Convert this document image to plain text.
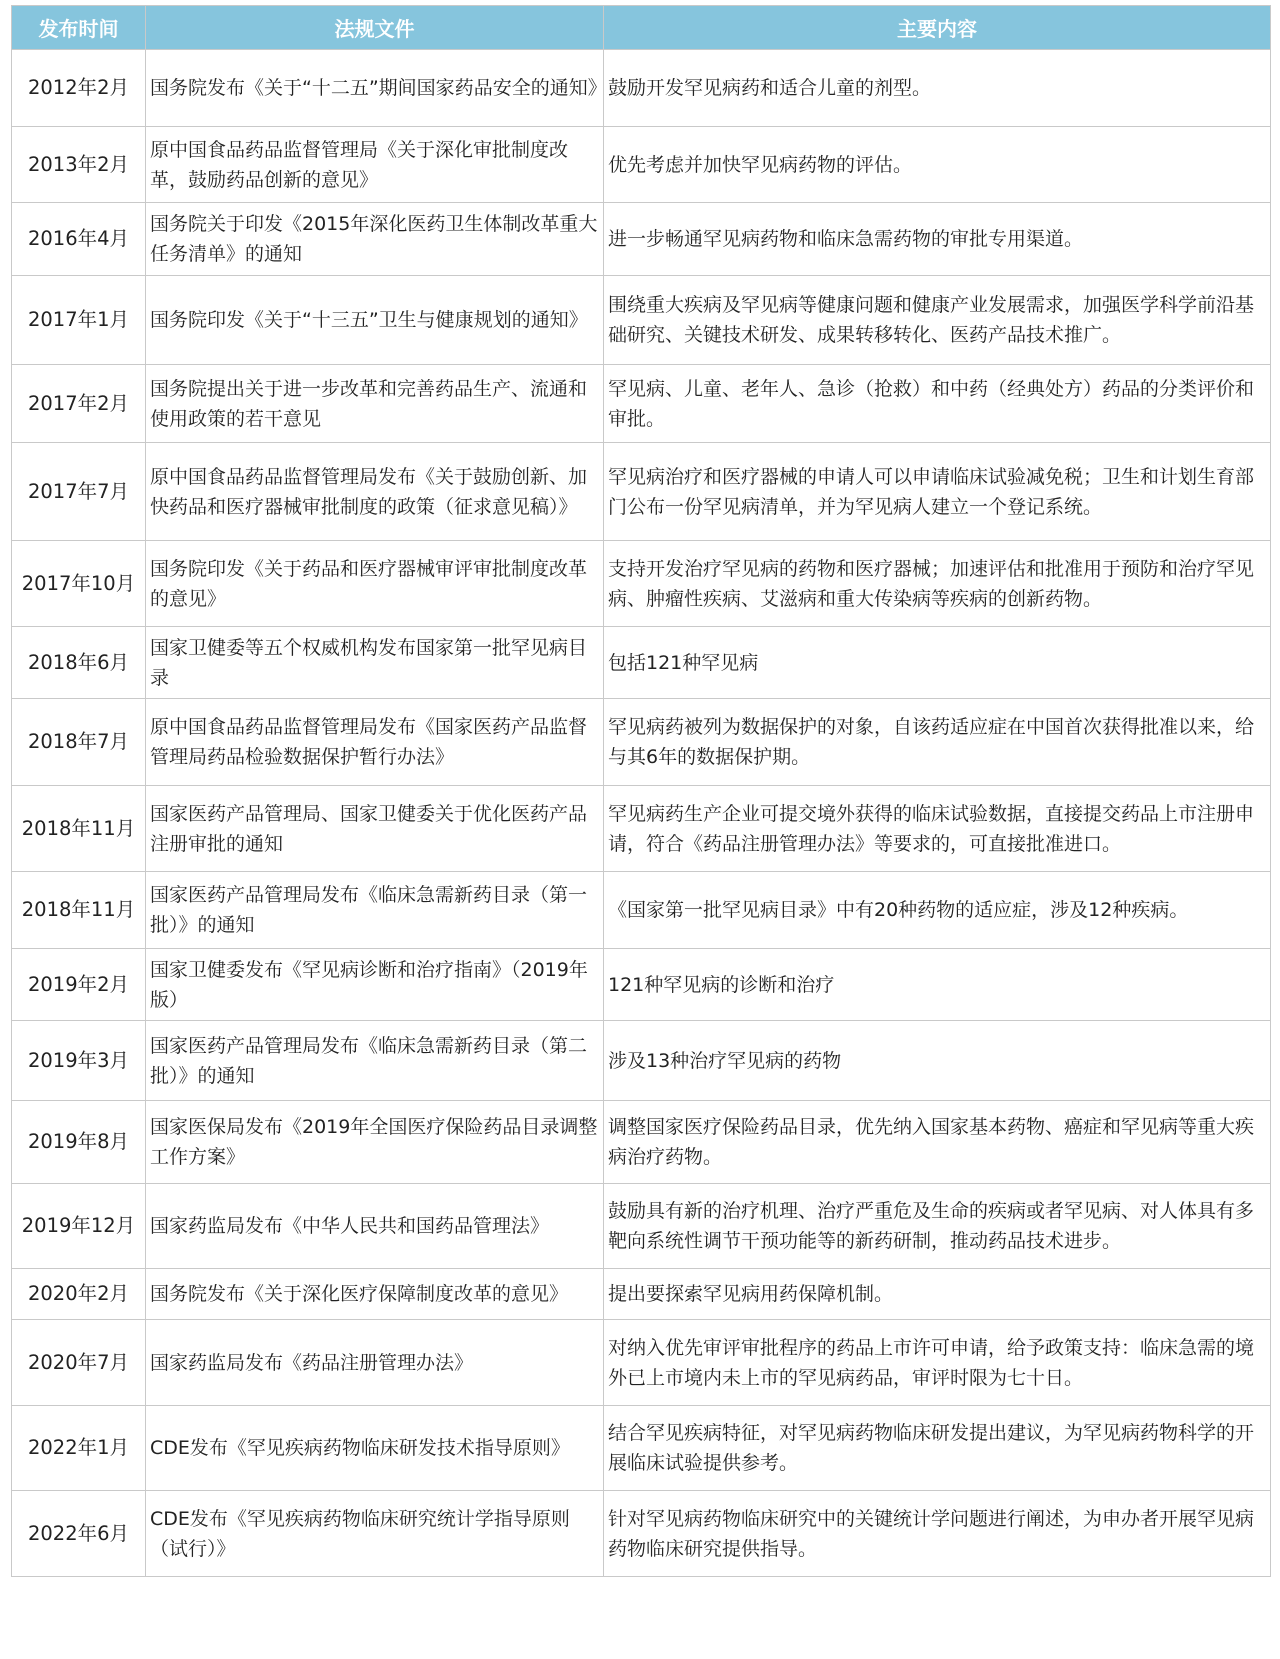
发布时间	法规文件	主要内容
2012年2月	国务院发布《关于“十二五”期间国家药品安全的通知》	鼓励开发罕见病药和适合儿童的剂型。
2013年2月	原中国食品药品监督管理局《关于深化审批制度改革，鼓励药品创新的意见》	优先考虑并加快罕见病药物的评估。
2016年4月	国务院关于印发《2015年深化医药卫生体制改革重大任务清单》的通知	进一步畅通罕见病药物和临床急需药物的审批专用渠道。
2017年1月	国务院印发《关于“十三五”卫生与健康规划的通知》	围绕重大疾病及罕见病等健康问题和健康产业发展需求，加强医学科学前沿基础研究、关键技术研发、成果转移转化、医药产品技术推广。
2017年2月	国务院提出关于进一步改革和完善药品生产、流通和使用政策的若干意见	罕见病、儿童、老年人、急诊（抢救）和中药（经典处方）药品的分类评价和审批。
2017年7月	原中国食品药品监督管理局发布《关于鼓励创新、加快药品和医疗器械审批制度的政策（征求意见稿）》	罕见病治疗和医疗器械的申请人可以申请临床试验减免税；卫生和计划生育部门公布一份罕见病清单，并为罕见病人建立一个登记系统。
2017年10月	国务院印发《关于药品和医疗器械审评审批制度改革的意见》	支持开发治疗罕见病的药物和医疗器械；加速评估和批准用于预防和治疗罕见病、肿瘤性疾病、艾滋病和重大传染病等疾病的创新药物。
2018年6月	国家卫健委等五个权威机构发布国家第一批罕见病目录	包括121种罕见病
2018年7月	原中国食品药品监督管理局发布《国家医药产品监督管理局药品检验数据保护暂行办法》	罕见病药被列为数据保护的对象，自该药适应症在中国首次获得批准以来，给与其6年的数据保护期。
2018年11月	国家医药产品管理局、国家卫健委关于优化医药产品注册审批的通知	罕见病药生产企业可提交境外获得的临床试验数据，直接提交药品上市注册申请，符合《药品注册管理办法》等要求的，可直接批准进口。
2018年11月	国家医药产品管理局发布《临床急需新药目录（第一批）》的通知	《国家第一批罕见病目录》中有20种药物的适应症，涉及12种疾病。
2019年2月	国家卫健委发布《罕见病诊断和治疗指南》（2019年版）	121种罕见病的诊断和治疗
2019年3月	国家医药产品管理局发布《临床急需新药目录（第二批）》的通知	涉及13种治疗罕见病的药物
2019年8月	国家医保局发布《2019年全国医疗保险药品目录调整工作方案》	调整国家医疗保险药品目录，优先纳入国家基本药物、癌症和罕见病等重大疾病治疗药物。
2019年12月	国家药监局发布《中华人民共和国药品管理法》	鼓励具有新的治疗机理、治疗严重危及生命的疾病或者罕见病、对人体具有多靶向系统性调节干预功能等的新药研制，推动药品技术进步。
2020年2月	国务院发布《关于深化医疗保障制度改革的意见》	提出要探索罕见病用药保障机制。
2020年7月	国家药监局发布《药品注册管理办法》	对纳入优先审评审批程序的药品上市许可申请，给予政策支持：临床急需的境外已上市境内未上市的罕见病药品，审评时限为七十日。
2022年1月	CDE发布《罕见疾病药物临床研发技术指导原则》	结合罕见疾病特征，对罕见病药物临床研发提出建议，为罕见病药物科学的开展临床试验提供参考。
2022年6月	CDE发布《罕见疾病药物临床研究统计学指导原则（试行）》	针对罕见病药物临床研究中的关键统计学问题进行阐述，为申办者开展罕见病药物临床研究提供指导。
